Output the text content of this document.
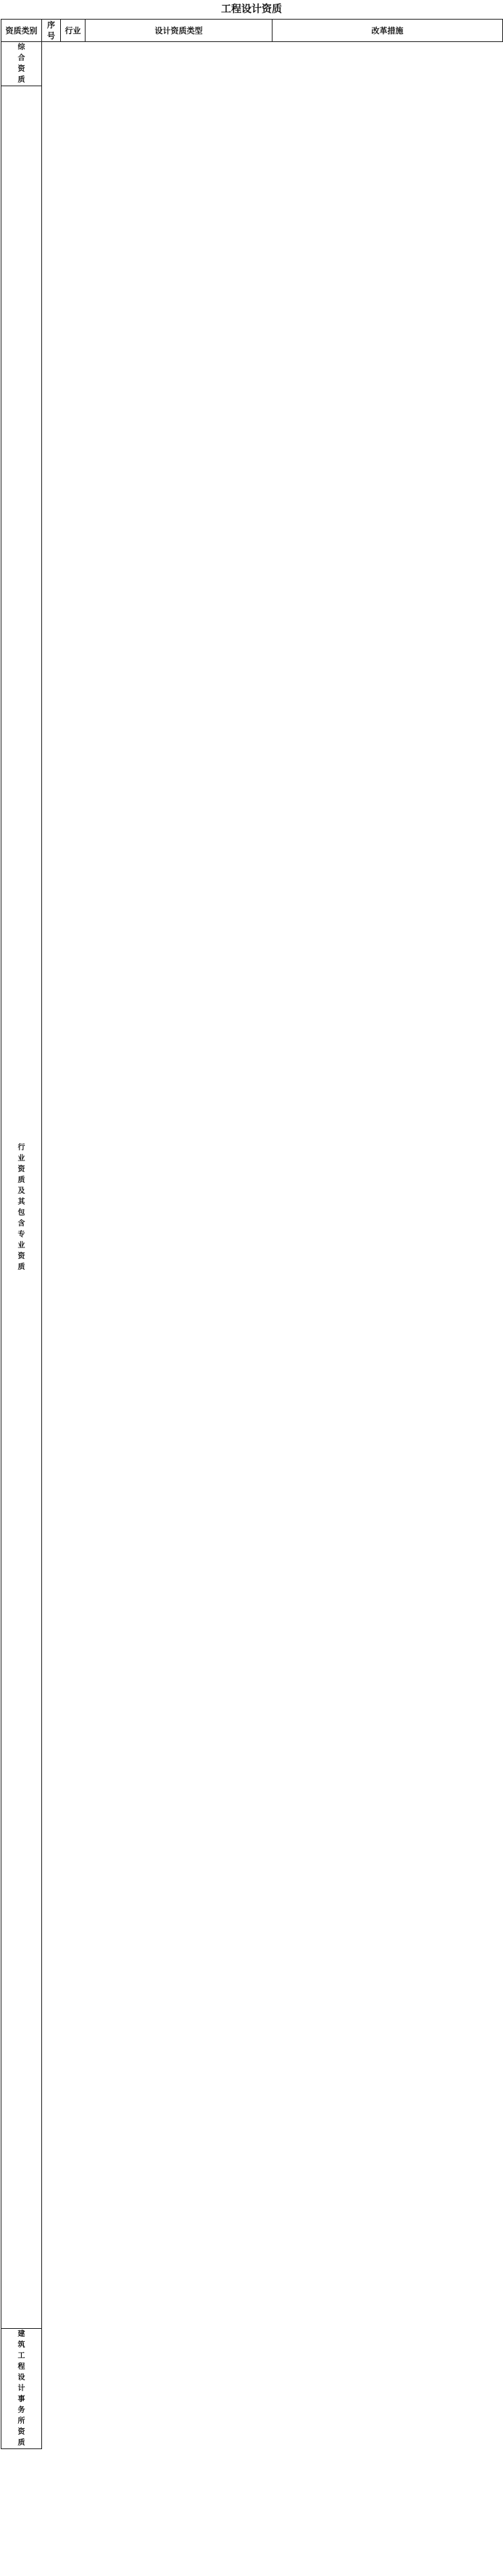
工程设计资质
资质类别	序号	行业	设计资质类型	改革措施

综合资质

行业资质及其包含专业资质

建筑工程设计事务所资质
